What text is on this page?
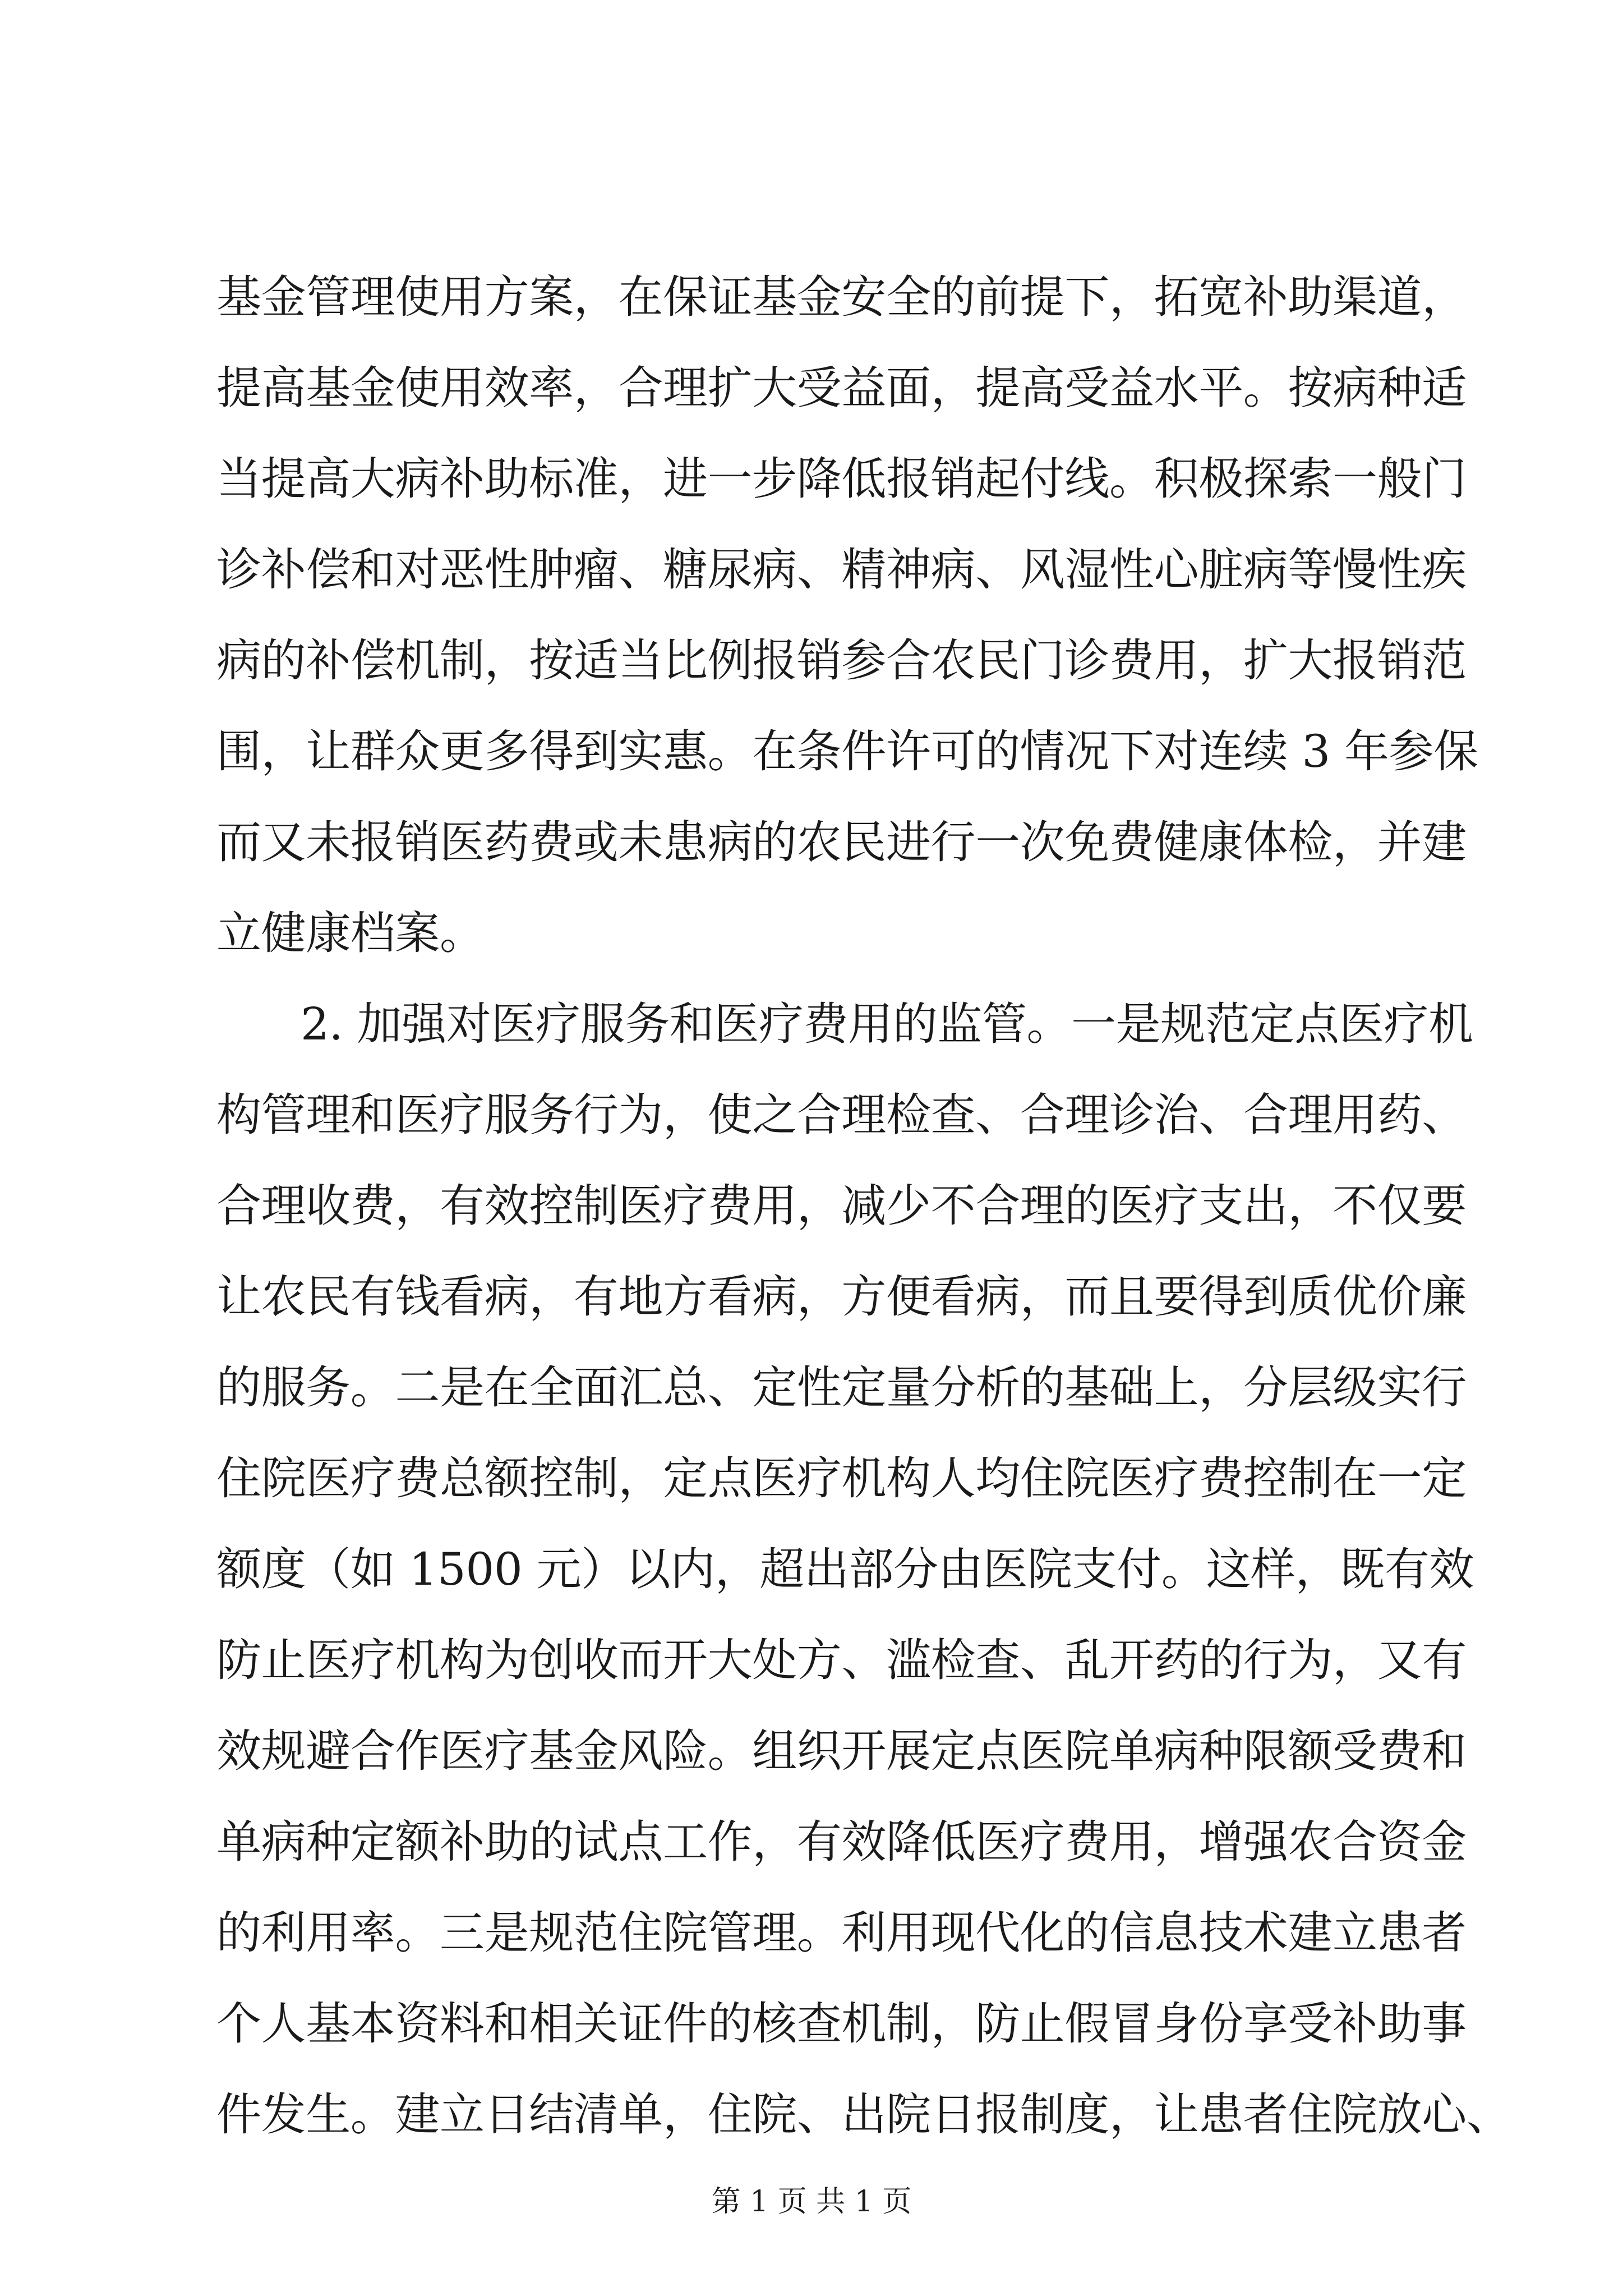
基金管理使用方案，在保证基金安全的前提下，拓宽补助渠道，
提高基金使用效率，合理扩大受益面，提高受益水平。按病种适
当提高大病补助标准，进一步降低报销起付线。积极探索一般门
诊补偿和对恶性肿瘤、糖尿病、精神病、风湿性心脏病等慢性疾
病的补偿机制，按适当比例报销参合农民门诊费用，扩大报销范
围，让群众更多得到实惠。在条件许可的情况下对连续 3 年参保
而又未报销医药费或未患病的农民进行一次免费健康体检，并建
立健康档案。
2. 加强对医疗服务和医疗费用的监管。一是规范定点医疗机
构管理和医疗服务行为，使之合理检查、合理诊治、合理用药、
合理收费，有效控制医疗费用，减少不合理的医疗支出，不仅要
让农民有钱看病，有地方看病，方便看病，而且要得到质优价廉
的服务。二是在全面汇总、定性定量分析的基础上，分层级实行
住院医疗费总额控制，定点医疗机构人均住院医疗费控制在一定
额度（如 1500 元）以内，超出部分由医院支付。这样，既有效
防止医疗机构为创收而开大处方、滥检查、乱开药的行为，又有
效规避合作医疗基金风险。组织开展定点医院单病种限额受费和
单病种定额补助的试点工作，有效降低医疗费用，增强农合资金
的利用率。三是规范住院管理。利用现代化的信息技术建立患者
个人基本资料和相关证件的核查机制，防止假冒身份享受补助事
件发生。建立日结清单，住院、出院日报制度，让患者住院放心、
第 1 页 共 1 页
